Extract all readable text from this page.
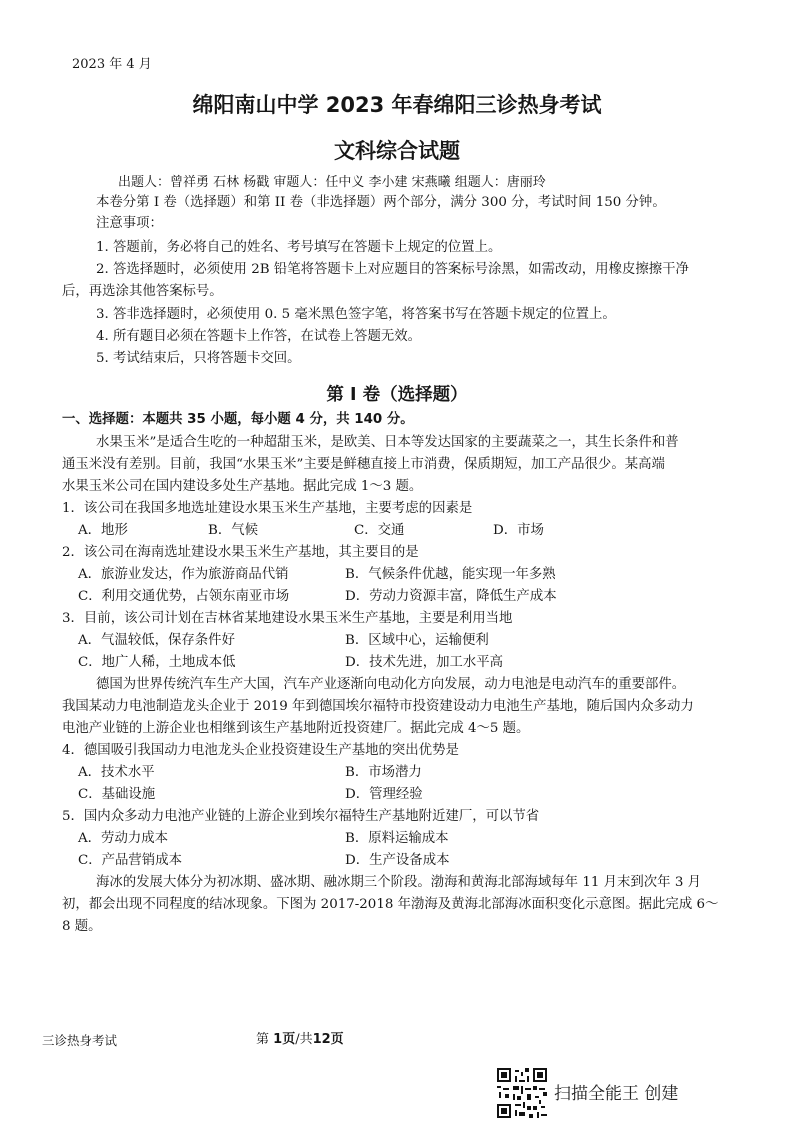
2023 年 4 月
绵阳南山中学 2023 年春绵阳三诊热身考试
文科综合试题
出题人：曾祥勇 石林 杨戳 审题人：任中义 李小建 宋燕曦 组题人：唐丽玲
本卷分第 I 卷（选择题）和第 II 卷（非选择题）两个部分，满分 300 分，考试时间 150 分钟。
注意事项：
1. 答题前，务必将自己的姓名、考号填写在答题卡上规定的位置上。
2. 答选择题时，必须使用 2B 铅笔将答题卡上对应题目的答案标号涂黑，如需改动，用橡皮擦擦干净
后，再选涂其他答案标号。
3. 答非选择题时，必须使用 0. 5 毫米黑色签字笔，将答案书写在答题卡规定的位置上。
4. 所有题目必须在答题卡上作答，在试卷上答题无效。
5. 考试结束后，只将答题卡交回。
第 I 卷（选择题）
一、选择题：本题共 35 小题，每小题 4 分，共 140 分。
水果玉米”是适合生吃的一种超甜玉米，是欧美、日本等发达国家的主要蔬菜之一，其生长条件和普
通玉米没有差别。目前，我国“水果玉米”主要是鲜穗直接上市消费，保质期短，加工产品很少。某高端
水果玉米公司在国内建设多处生产基地。据此完成 1～3 题。
1．该公司在我国多地选址建设水果玉米生产基地，主要考虑的因素是
A．地形	B．气候	C．交通	D．市场
2．该公司在海南选址建设水果玉米生产基地，其主要目的是
A．旅游业发达，作为旅游商品代销	B．气候条件优越，能实现一年多熟
C．利用交通优势，占领东南亚市场	D．劳动力资源丰富，降低生产成本
3．目前，该公司计划在吉林省某地建设水果玉米生产基地，主要是利用当地
A．气温较低，保存条件好	B．区域中心，运输便利
C．地广人稀，土地成本低	D．技术先进，加工水平高
德国为世界传统汽车生产大国，汽车产业逐渐向电动化方向发展，动力电池是电动汽车的重要部件。
我国某动力电池制造龙头企业于 2019 年到德国埃尔福特市投资建设动力电池生产基地，随后国内众多动力
电池产业链的上游企业也相继到该生产基地附近投资建厂。据此完成 4～5 题。
4．德国吸引我国动力电池龙头企业投资建设生产基地的突出优势是
A．技术水平	B．市场潜力
C．基础设施	D．管理经验
5．国内众多动力电池产业链的上游企业到埃尔福特生产基地附近建厂，可以节省
A．劳动力成本	B．原料运输成本
C．产品营销成本	D．生产设备成本
海冰的发展大体分为初冰期、盛冰期、融冰期三个阶段。渤海和黄海北部海域每年 11 月末到次年 3 月
初，都会出现不同程度的结冰现象。下图为 2017-2018 年渤海及黄海北部海冰面积变化示意图。据此完成 6～
8 题。
三诊热身考试	第 1页/共12页
扫描全能王 创建
